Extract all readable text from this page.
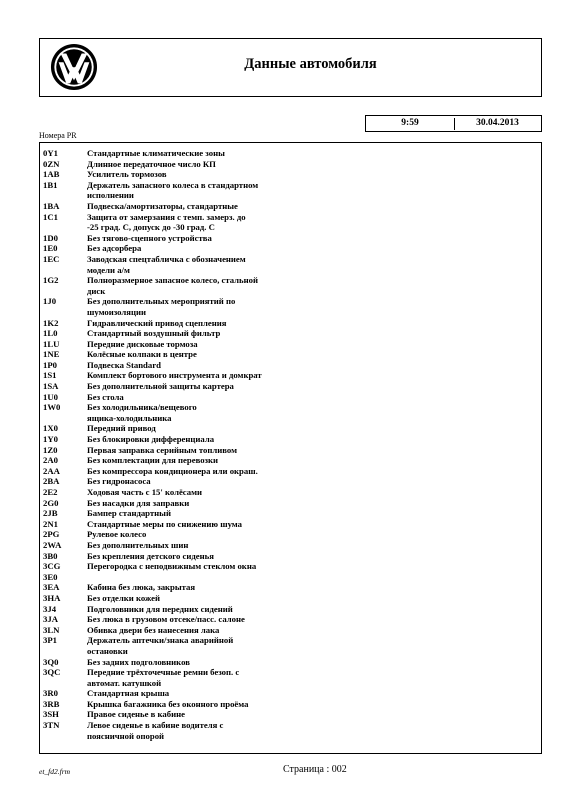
Данные автомобиля
9:59	30.04.2013
Номера PR
0Y1	Стандартные климатические зоны
0ZN	Длинное передаточное число КП
1AB	Усилитель тормозов
1B1	Держатель запасного колеса в стандартном
исполнении
1BA	Подвеска/амортизаторы, стандартные
1C1	Защита от замерзания с темп. замерз. до
-25 град. С, допуск до -30 град. С
1D0	Без тягово-сцепного устройства
1E0	Без адсорбера
1EC	Заводская спецтабличка с обозначением
модели а/м
1G2	Полноразмерное запасное колесо, стальной
диск
1J0	Без дополнительных мероприятий по
шумоизоляции
1K2	Гидравлический привод сцепления
1L0	Стандартный воздушный фильтр
1LU	Передние дисковые тормоза
1NE	Колёсные колпаки в центре
1P0	Подвеска Standard
1S1	Комплект бортового инструмента и домкрат
1SA	Без дополнительной защиты картера
1U0	Без стола
1W0	Без холодильника/вещевого
ящика-холодильника
1X0	Передний привод
1Y0	Без блокировки дифференциала
1Z0	Первая заправка серийным топливом
2A0	Без комплектации для перевозки
2AA	Без компрессора кондиционера или окраш.
2BA	Без гидронасоса
2E2	Ходовая часть с 15' колёсами
2G0	Без насадки для заправки
2JB	Бампер стандартный
2N1	Стандартные меры по снижению шума
2PG	Рулевое колесо
2WA	Без дополнительных шин
3B0	Без крепления детского сиденья
3CG	Перегородка с неподвижным стеклом окна
3E0
3EA	Кабина без люка, закрытая
3HA	Без отделки кожей
3J4	Подголовники для передних сидений
3JA	Без люка в грузовом отсеке/пасс. салоне
3LN	Обивка двери без нанесения лака
3P1	Держатель аптечки/знака аварийной
остановки
3Q0	Без задних подголовников
3QC	Передние трёхточечные ремни безоп. с
автомат. катушкой
3R0	Стандартная крыша
3RB	Крышка багажника без оконного проёма
3SH	Правое сиденье в кабине
3TN	Левое сиденье в кабине водителя с
поясничной опорой
et_fd2.frm	Страница : 002
